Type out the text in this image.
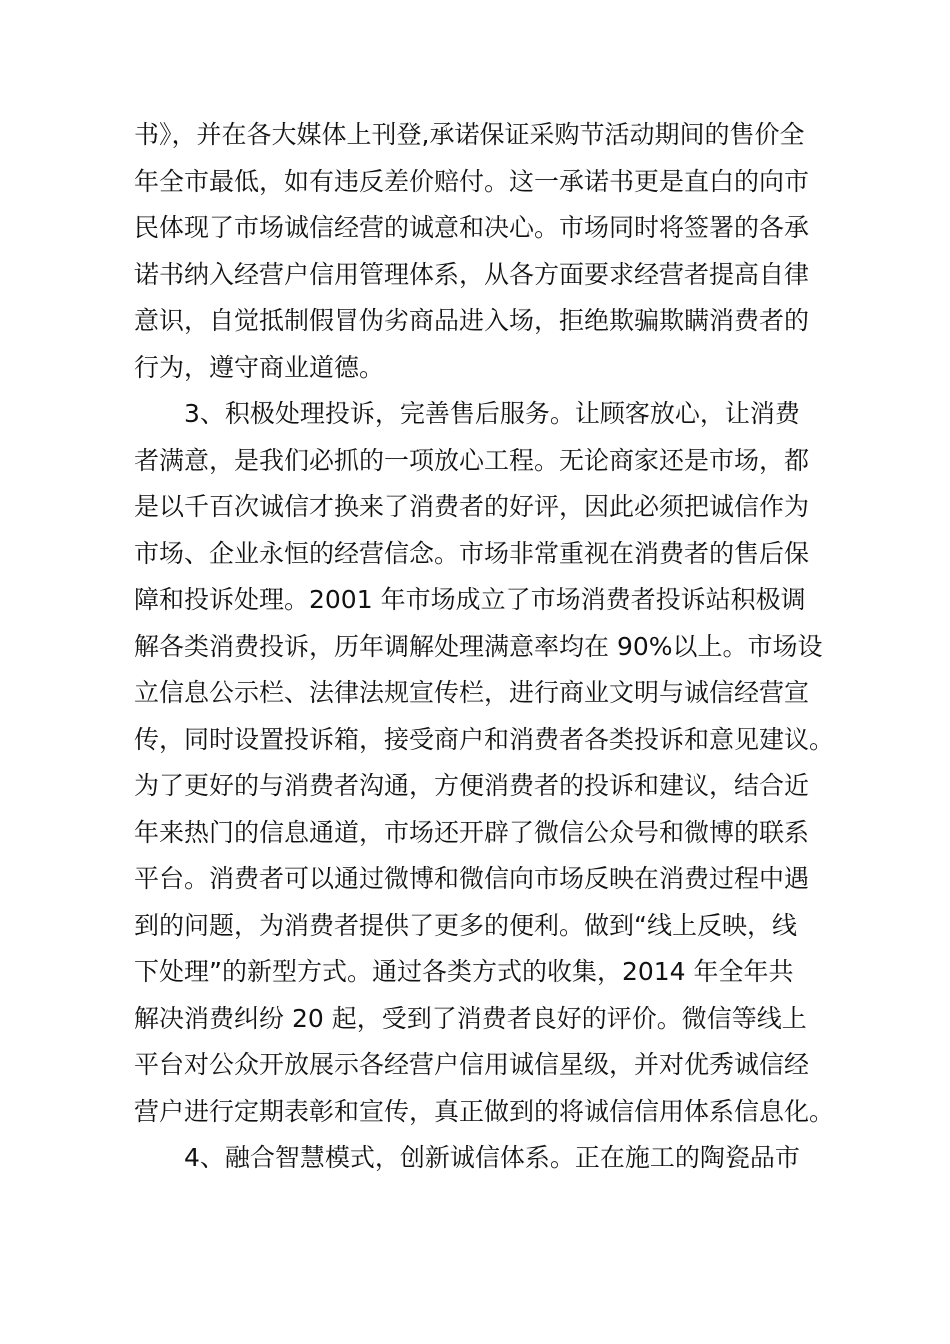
书》，并在各大媒体上刊登,承诺保证采购节活动期间的售价全
年全市最低，如有违反差价赔付。这一承诺书更是直白的向市
民体现了市场诚信经营的诚意和决心。市场同时将签署的各承
诺书纳入经营户信用管理体系，从各方面要求经营者提高自律
意识，自觉抵制假冒伪劣商品进入场，拒绝欺骗欺瞒消费者的
行为，遵守商业道德。
3、积极处理投诉，完善售后服务。让顾客放心，让消费
者满意，是我们必抓的一项放心工程。无论商家还是市场，都
是以千百次诚信才换来了消费者的好评，因此必须把诚信作为
市场、企业永恒的经营信念。市场非常重视在消费者的售后保
障和投诉处理。2001 年市场成立了市场消费者投诉站积极调
解各类消费投诉，历年调解处理满意率均在 90%以上。市场设
立信息公示栏、法律法规宣传栏，进行商业文明与诚信经营宣
传，同时设置投诉箱，接受商户和消费者各类投诉和意见建议。
为了更好的与消费者沟通，方便消费者的投诉和建议，结合近
年来热门的信息通道，市场还开辟了微信公众号和微博的联系
平台。消费者可以通过微博和微信向市场反映在消费过程中遇
到的问题，为消费者提供了更多的便利。做到“线上反映，线
下处理”的新型方式。通过各类方式的收集，2014 年全年共
解决消费纠纷 20 起，受到了消费者良好的评价。微信等线上
平台对公众开放展示各经营户信用诚信星级，并对优秀诚信经
营户进行定期表彰和宣传，真正做到的将诚信信用体系信息化。
4、融合智慧模式，创新诚信体系。正在施工的陶瓷品市
